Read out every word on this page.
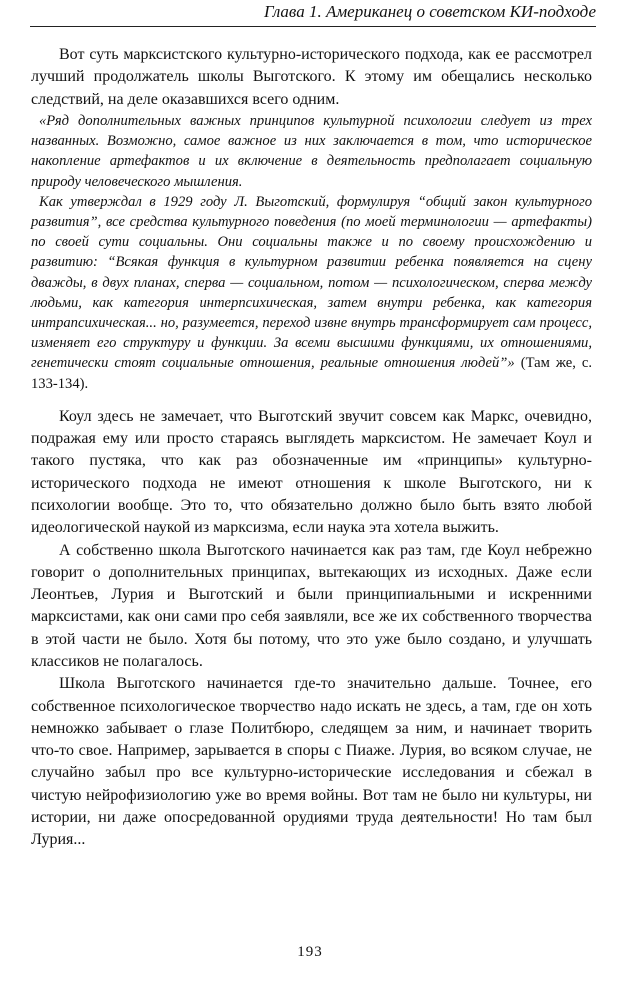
Глава 1. Американец о советском КИ-подходе

Вот суть марксистского культурно-исторического подхода, как ее рассмотрел лучший продолжатель школы Выготского. К этому им обещались несколько следствий, на деле оказавшихся всего одним.

«Ряд дополнительных важных принципов культурной психологии следует из трех названных. Возможно, самое важное из них заключается в том, что историческое накопление артефактов и их включение в деятельность предполагает социальную природу человеческого мышления.

Как утверждал в 1929 году Л. Выготский, формулируя “общий закон культурного развития”, все средства культурного поведения (по моей терминологии — артефакты) по своей сути социальны. Они социальны также и по своему происхождению и развитию: “Всякая функция в культурном развитии ребенка появляется на сцену дважды, в двух планах, сперва — социальном, потом — психологическом, сперва между людьми, как категория интерпсихическая, затем внутри ребенка, как категория интрапсихическая... но, разумеется, переход извне внутрь трансформирует сам процесс, изменяет его структуру и функции. За всеми высшими функциями, их отношениями, генетически стоят социальные отношения, реальные отношения людей”» (Там же, с. 133-134).

Коул здесь не замечает, что Выготский звучит совсем как Маркс, очевидно, подражая ему или просто стараясь выглядеть марксистом. Не замечает Коул и такого пустяка, что как раз обозначенные им «принципы» культурно-исторического подхода не имеют отношения к школе Выготского, ни к психологии вообще. Это то, что обязательно должно было быть взято любой идеологической наукой из марксизма, если наука эта хотела выжить.

А собственно школа Выготского начинается как раз там, где Коул небрежно говорит о дополнительных принципах, вытекающих из исходных. Даже если Леонтьев, Лурия и Выготский и были принципиальными и искренними марксистами, как они сами про себя заявляли, все же их собственного творчества в этой части не было. Хотя бы потому, что это уже было создано, и улучшать классиков не полагалось.

Школа Выготского начинается где-то значительно дальше. Точнее, его собственное психологическое творчество надо искать не здесь, а там, где он хоть немножко забывает о глазе Политбюро, следящем за ним, и начинает творить что-то свое. Например, зарывается в споры с Пиаже. Лурия, во всяком случае, не случайно забыл про все культурно-исторические исследования и сбежал в чистую нейрофизиологию уже во время войны. Вот там не было ни культуры, ни истории, ни даже опосредованной орудиями труда деятельности! Но там был Лурия...

193
